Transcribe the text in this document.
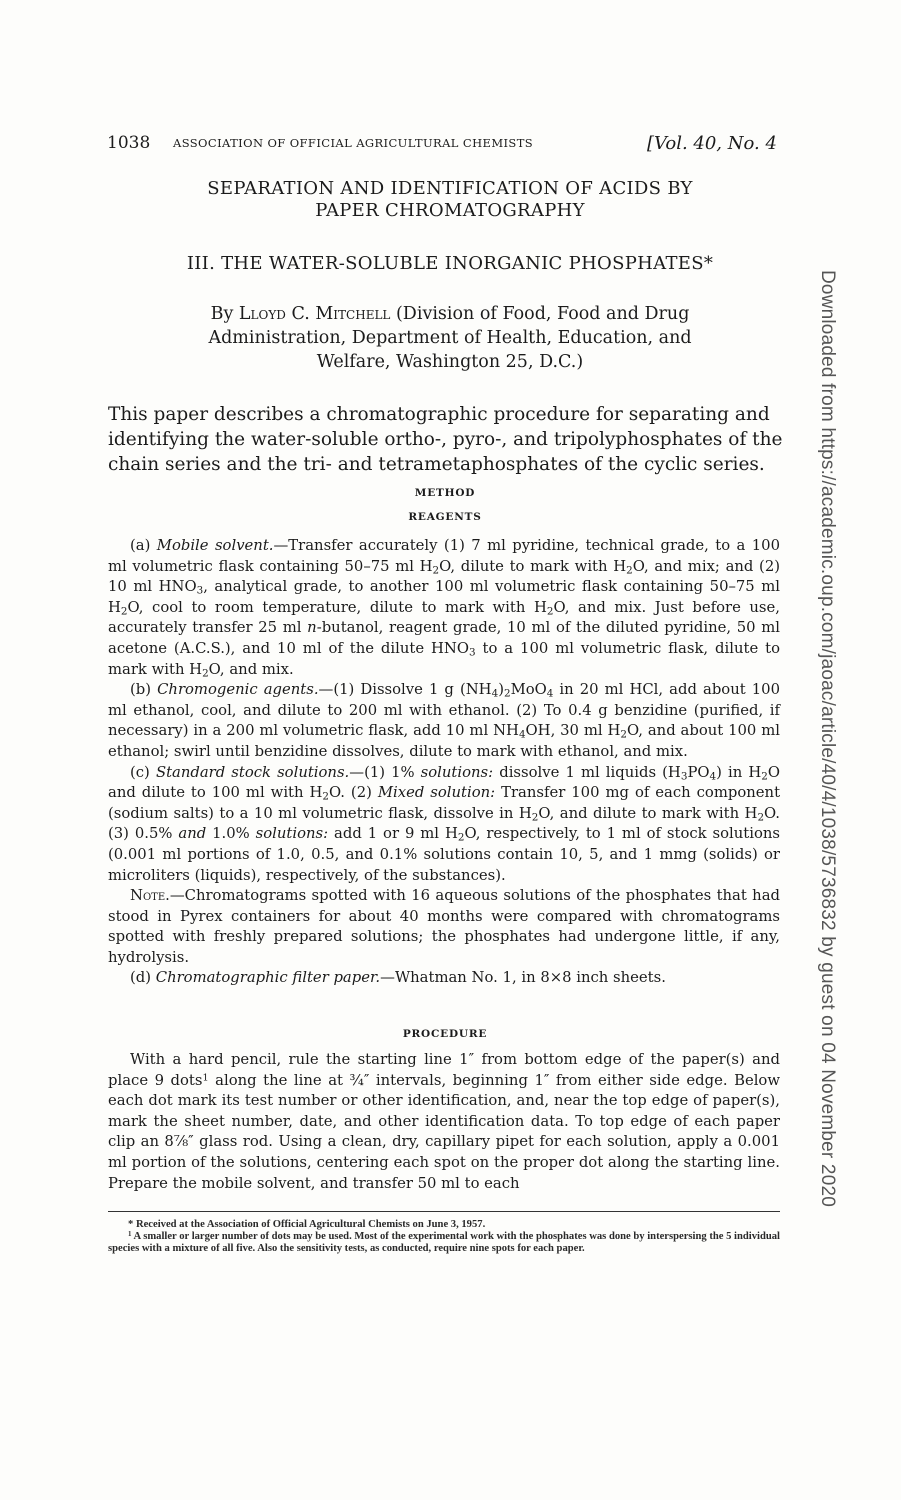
1038 ASSOCIATION OF OFFICIAL AGRICULTURAL CHEMISTS	[Vol. 40, No. 4
SEPARATION AND IDENTIFICATION OF ACIDS BY
PAPER CHROMATOGRAPHY
III. THE WATER-SOLUBLE INORGANIC PHOSPHATES*
By Lloyd C. Mitchell (Division of Food, Food and Drug
Administration, Department of Health, Education, and
Welfare, Washington 25, D.C.)
This paper describes a chromatographic procedure for separating and
identifying the water-soluble ortho-, pyro-, and tripolyphosphates of the
chain series and the tri- and tetrametaphosphates of the cyclic series.
METHOD
REAGENTS

(a) Mobile solvent.—Transfer accurately (1) 7 ml pyridine, technical grade, to a 100 ml volumetric flask containing 50–75 ml $H_2O$, dilute to mark with $H_2O$, and mix; and (2) 10 ml $HNO_3$, analytical grade, to another 100 ml volumetric flask containing 50–75 ml $H_2O$, cool to room temperature, dilute to mark with $H_2O$, and mix. Just before use, accurately transfer 25 ml n-butanol, reagent grade, 10 ml of the diluted pyridine, 50 ml acetone (A.C.S.), and 10 ml of the dilute $HNO_3$ to a 100 ml volumetric flask, dilute to mark with $H_2O$, and mix.

(b) Chromogenic agents.—(1) Dissolve 1 g $(NH_4)_2MoO_4$ in 20 ml HCl, add about 100 ml ethanol, cool, and dilute to 200 ml with ethanol. (2) To 0.4 g benzidine (purified, if necessary) in a 200 ml volumetric flask, add 10 ml $NH_4OH$, 30 ml $H_2O$, and about 100 ml ethanol; swirl until benzidine dissolves, dilute to mark with ethanol, and mix.

(c) Standard stock solutions.—(1) 1% solutions: dissolve 1 ml liquids $(H_3PO_4)$ in $H_2O$ and dilute to 100 ml with $H_2O$. (2) Mixed solution: Transfer 100 mg of each component (sodium salts) to a 10 ml volumetric flask, dissolve in $H_2O$, and dilute to mark with $H_2O$. (3) 0.5% and 1.0% solutions: add 1 or 9 ml $H_2O$, respectively, to 1 ml of stock solutions (0.001 ml portions of 1.0, 0.5, and 0.1% solutions contain 10, 5, and 1 mmg (solids) or microliters (liquids), respectively, of the substances).

Note.—Chromatograms spotted with 16 aqueous solutions of the phosphates that had stood in Pyrex containers for about 40 months were compared with chromatograms spotted with freshly prepared solutions; the phosphates had undergone little, if any, hydrolysis.

(d) Chromatographic filter paper.—Whatman No. 1, in 8×8 inch sheets.

PROCEDURE

With a hard pencil, rule the starting line 1″ from bottom edge of the paper(s) and place 9 dots$^1$ along the line at ¾″ intervals, beginning 1″ from either side edge. Below each dot mark its test number or other identification, and, near the top edge of paper(s), mark the sheet number, date, and other identification data. To top edge of each paper clip an 8⅞″ glass rod. Using a clean, dry, capillary pipet for each solution, apply a 0.001 ml portion of the solutions, centering each spot on the proper dot along the starting line. Prepare the mobile solvent, and transfer 50 ml to each

* Received at the Association of Official Agricultural Chemists on June 3, 1957.

$^1$ A smaller or larger number of dots may be used. Most of the experimental work with the phosphates was done by interspersing the 5 individual species with a mixture of all five. Also the sensitivity tests, as conducted, require nine spots for each paper.

Downloaded from https://academic.oup.com/jaoac/article/40/4/1038/5736832 by guest on 04 November 2020
